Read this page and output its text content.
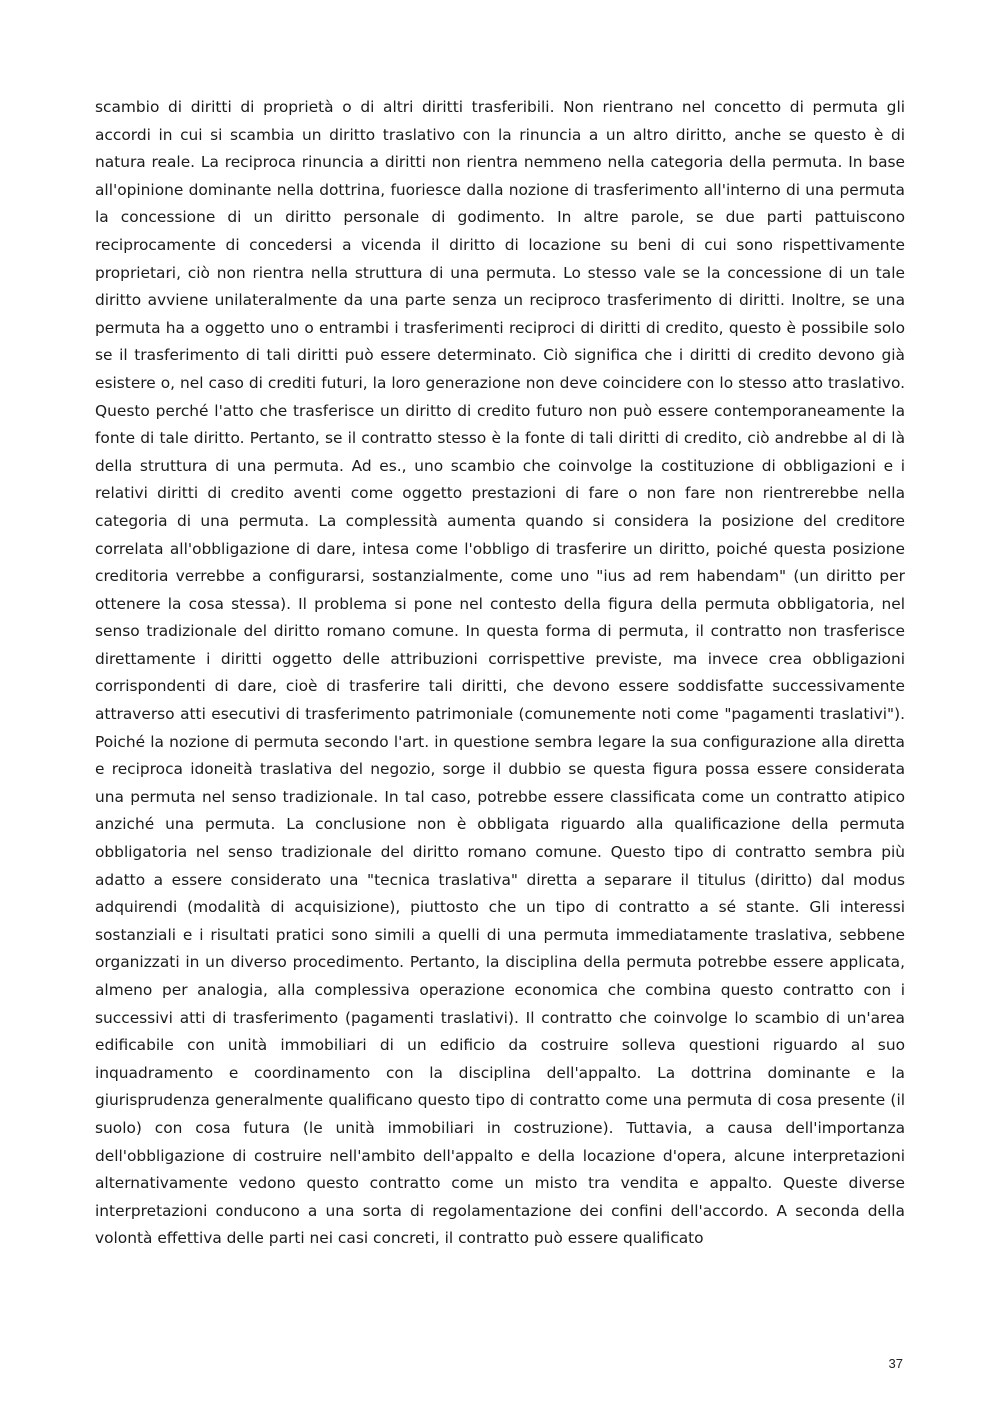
scambio di diritti di proprietà o di altri diritti trasferibili. Non rientrano nel concetto di permuta gli accordi in cui si scambia un diritto traslativo con la rinuncia a un altro diritto, anche se questo è di natura reale. La reciproca rinuncia a diritti non rientra nemmeno nella categoria della permuta. In base all'opinione dominante nella dottrina, fuoriesce dalla nozione di trasferimento all'interno di una permuta la concessione di un diritto personale di godimento. In altre parole, se due parti pattuiscono reciprocamente di concedersi a vicenda il diritto di locazione su beni di cui sono rispettivamente proprietari, ciò non rientra nella struttura di una permuta. Lo stesso vale se la concessione di un tale diritto avviene unilateralmente da una parte senza un reciproco trasferimento di diritti. Inoltre, se una permuta ha a oggetto uno o entrambi i trasferimenti reciproci di diritti di credito, questo è possibile solo se il trasferimento di tali diritti può essere determinato. Ciò significa che i diritti di credito devono già esistere o, nel caso di crediti futuri, la loro generazione non deve coincidere con lo stesso atto traslativo. Questo perché l'atto che trasferisce un diritto di credito futuro non può essere contemporaneamente la fonte di tale diritto. Pertanto, se il contratto stesso è la fonte di tali diritti di credito, ciò andrebbe al di là della struttura di una permuta. Ad es., uno scambio che coinvolge la costituzione di obbligazioni e i relativi diritti di credito aventi come oggetto prestazioni di fare o non fare non rientrerebbe nella categoria di una permuta. La complessità aumenta quando si considera la posizione del creditore correlata all'obbligazione di dare, intesa come l'obbligo di trasferire un diritto, poiché questa posizione creditoria verrebbe a configurarsi, sostanzialmente, come uno "ius ad rem habendam" (un diritto per ottenere la cosa stessa). Il problema si pone nel contesto della figura della permuta obbligatoria, nel senso tradizionale del diritto romano comune. In questa forma di permuta, il contratto non trasferisce direttamente i diritti oggetto delle attribuzioni corrispettive previste, ma invece crea obbligazioni corrispondenti di dare, cioè di trasferire tali diritti, che devono essere soddisfatte successivamente attraverso atti esecutivi di trasferimento patrimoniale (comunemente noti come "pagamenti traslativi"). Poiché la nozione di permuta secondo l'art. in questione sembra legare la sua configurazione alla diretta e reciproca idoneità traslativa del negozio, sorge il dubbio se questa figura possa essere considerata una permuta nel senso tradizionale. In tal caso, potrebbe essere classificata come un contratto atipico anziché una permuta. La conclusione non è obbligata riguardo alla qualificazione della permuta obbligatoria nel senso tradizionale del diritto romano comune. Questo tipo di contratto sembra più adatto a essere considerato una "tecnica traslativa" diretta a separare il titulus (diritto) dal modus adquirendi (modalità di acquisizione), piuttosto che un tipo di contratto a sé stante. Gli interessi sostanziali e i risultati pratici sono simili a quelli di una permuta immediatamente traslativa, sebbene organizzati in un diverso procedimento. Pertanto, la disciplina della permuta potrebbe essere applicata, almeno per analogia, alla complessiva operazione economica che combina questo contratto con i successivi atti di trasferimento (pagamenti traslativi). Il contratto che coinvolge lo scambio di un'area edificabile con unità immobiliari di un edificio da costruire solleva questioni riguardo al suo inquadramento e coordinamento con la disciplina dell'appalto. La dottrina dominante e la giurisprudenza generalmente qualificano questo tipo di contratto come una permuta di cosa presente (il suolo) con cosa futura (le unità immobiliari in costruzione). Tuttavia, a causa dell'importanza dell'obbligazione di costruire nell'ambito dell'appalto e della locazione d'opera, alcune interpretazioni alternativamente vedono questo contratto come un misto tra vendita e appalto. Queste diverse interpretazioni conducono a una sorta di regolamentazione dei confini dell'accordo. A seconda della volontà effettiva delle parti nei casi concreti, il contratto può essere qualificato

37
